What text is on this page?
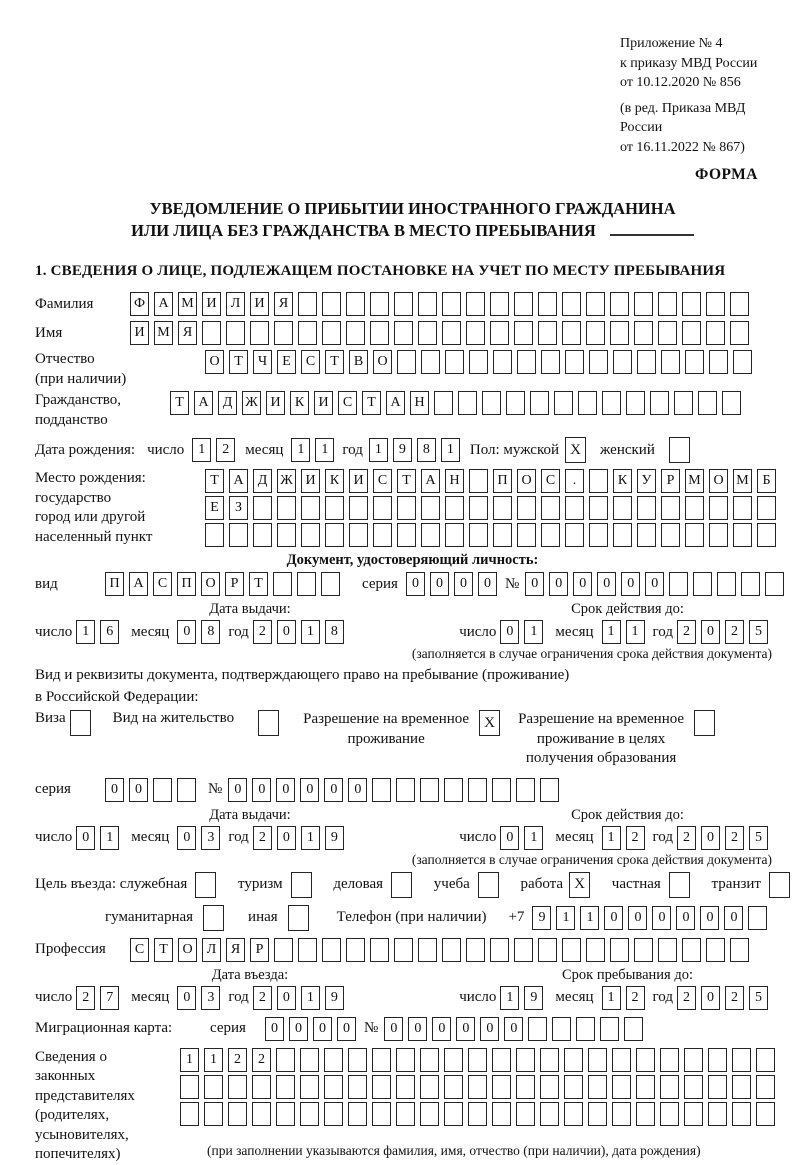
Приложение № 4
к приказу МВД России
от 10.12.2020 № 856
(в ред. Приказа МВД России
от 16.11.2022 № 867)
ФОРМА
УВЕДОМЛЕНИЕ О ПРИБЫТИИ ИНОСТРАННОГО ГРАЖДАНИНА
ИЛИ ЛИЦА БЕЗ ГРАЖДАНСТВА В МЕСТО ПРЕБЫВАНИЯ
1. СВЕДЕНИЯ О ЛИЦЕ, ПОДЛЕЖАЩЕМ ПОСТАНОВКЕ НА УЧЕТ ПО МЕСТУ ПРЕБЫВАНИЯ
Фамилия	Ф А М И	Л	И	Я
Имя	И М Я
Отчество
(при наличии)
О	Т	Ч	Е	С	Т	В	О
Гражданство,
подданство
Т	А	Д Ж И	К	И	С	Т	А Н
Дата рождения: число	1	2	месяц	1	1 год 1	9	8	1	Пол: мужской X	женский
Место рождения:
государство
город или другой
населенный пункт
Т	А	Д Ж И	К	И	С	Т	А Н	П О	С	.	К	У	Р М О М Б
Е	З
Документ, удостоверяющий личность:
вид	П А	С	П О	Р	Т	серия	0	0	0	0 № 0	0	0	0	0	0
Дата выдачи:	Срок действия до:
число 1	6	месяц	0	8 год 2	0	1	8	число 0	1	месяц	1	1 год 2	0	2	5
(заполняется в случае ограничения срока действия документа)
Вид и реквизиты документа, подтверждающего право на пребывание (проживание)
в Российской Федерации:
Виза	Вид на жительство	Разрешение на временное
проживание
X	Разрешение на временное
проживание в целях
получения образования
серия	0	0	№ 0	0	0	0	0	0
Дата выдачи:	Срок действия до:
число 0	1	месяц	0	3 год 2	0	1	9	число 0	1	месяц	1	2 год 2	0	2	5
(заполняется в случае ограничения срока действия документа)
Цель въезда: служебная	туризм	деловая	учеба	работа X	частная	транзит
гуманитарная	иная	Телефон (при наличии) +7	9	1	1	0	0	0	0	0	0
Профессия	С	Т	О	Л	Я	Р
Дата въезда:	Срок пребывания до:
число 2	7	месяц	0	3 год 2	0	1	9	число 1	9	месяц	1	2 год 2	0	2	5
Миграционная карта:	серия	0	0	0	0 № 0	0	0	0	0	0
Сведения о
законных
представителях
(родителях,
усыновителях,
попечителях)
1	1	2	2
(при заполнении указываются фамилия, имя, отчество (при наличии), дата рождения)
